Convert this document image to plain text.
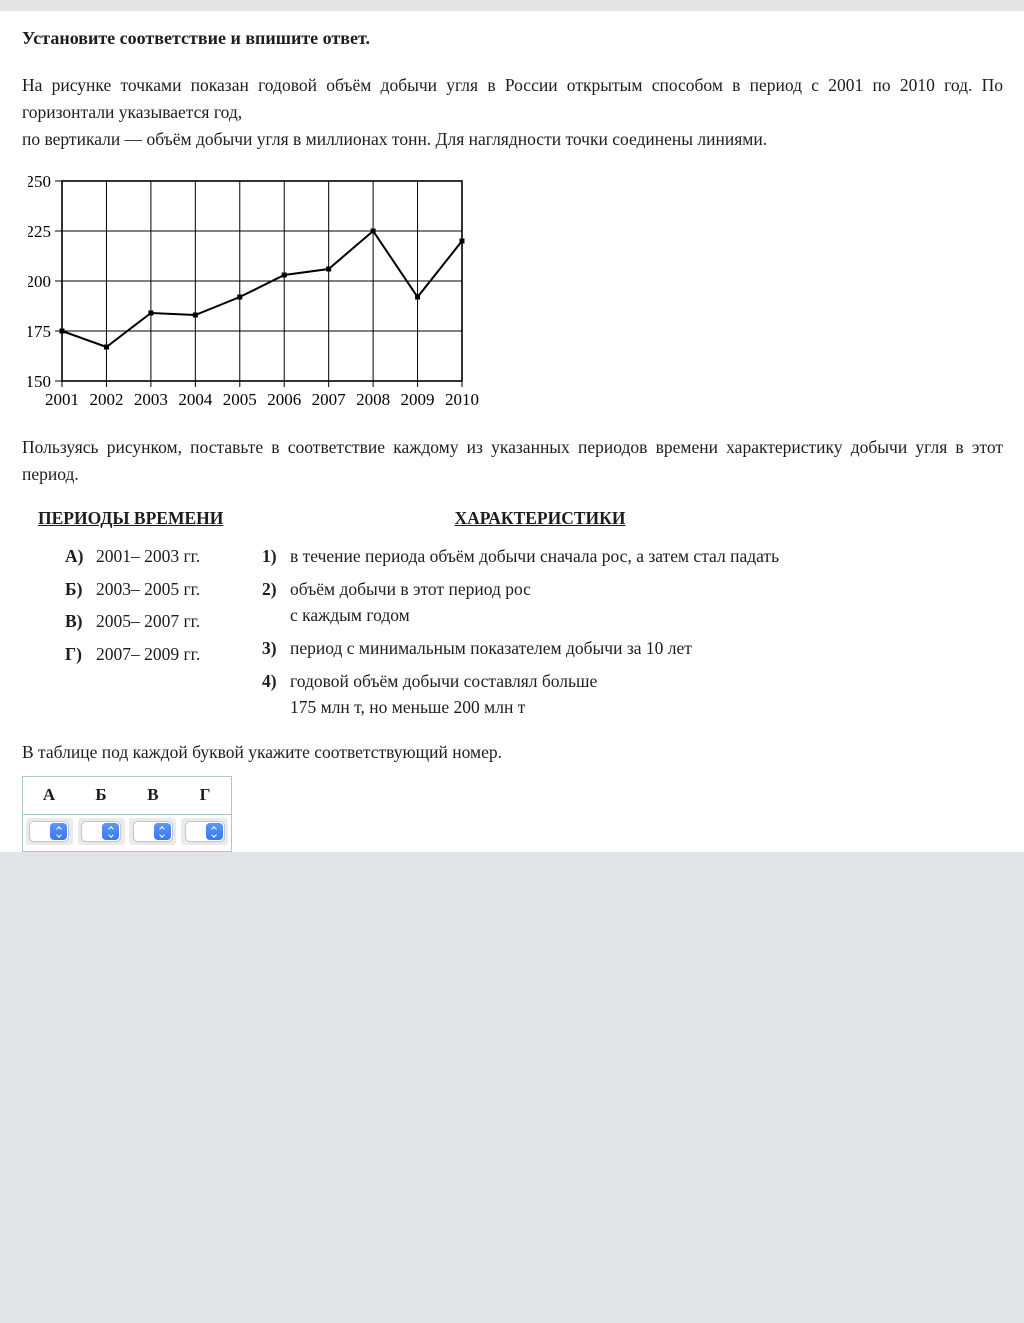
Установите соответствие и впишите ответ.

На рисунке точками показан годовой объём добычи угля в России открытым способом в период с 2001 по 2010 год. По горизонтали указывается год,
по вертикали — объём добычи угля в миллионах тонн. Для наглядности точки соединены линиями.

2001 2002 2003 2004 2005 2006 2007 2008 2009 2010
150
175
200
225
250

Пользуясь рисунком, поставьте в соответствие каждому из указанных периодов времени характеристику добычи угля в этот период.

ПЕРИОДЫ ВРЕМЕНИ
А) 2001– 2003 гг.
Б) 2003– 2005 гг.
В) 2005– 2007 гг.
Г) 2007– 2009 гг.
ХАРАКТЕРИСТИКИ
1) в течение периода объём добычи сначала рос, а затем стал падать
2) объём добычи в этот период рос
с каждым годом
3) период с минимальным показателем добычи за 10 лет
4) годовой объём добычи составлял больше
175 млн т, но меньше 200 млн т

В таблице под каждой буквой укажите соответствующий номер.

А	Б	В	Г
